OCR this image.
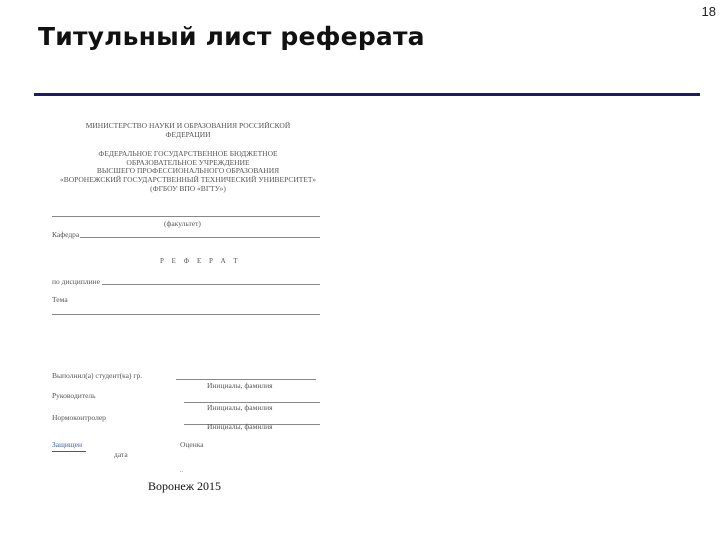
18
Титульный лист реферата
МИНИСТЕРСТВО НАУКИ И ОБРАЗОВАНИЯ РОССИЙСКОЙ
ФЕДЕРАЦИИ
ФЕДЕРАЛЬНОЕ ГОСУДАРСТВЕННОЕ БЮДЖЕТНОЕ
ОБРАЗОВАТЕЛЬНОЕ УЧРЕЖДЕНИЕ
ВЫСШЕГО ПРОФЕССИОНАЛЬНОГО ОБРАЗОВАНИЯ
«ВОРОНЕЖСКИЙ ГОСУДАРСТВЕННЫЙ ТЕХНИЧЕСКИЙ УНИВЕРСИТЕТ»
(ФГБОУ ВПО «ВГТУ»)
(факультет)
Кафедра
Р Е Ф Е Р А Т
по дисциплине
Тема
Выполнил(а) студент(ка) гр.
Инициалы, фамилия
Руководитель
Инициалы, фамилия
Нормоконтролер
Инициалы, фамилия
Защищен	Оценка
дата
..
Воронеж 2015
